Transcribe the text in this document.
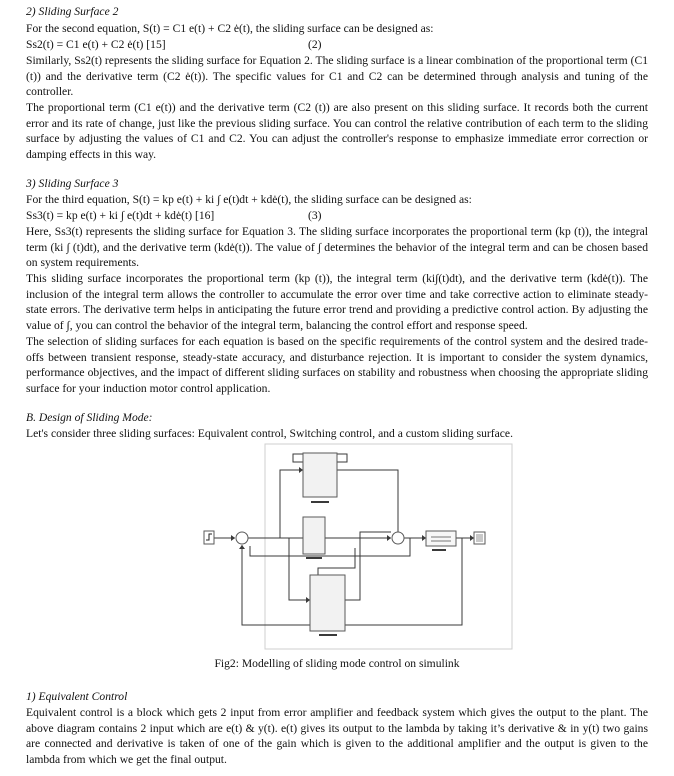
2) Sliding Surface 2
For the second equation, S(t) = C1 e(t) + C2 ė(t), the sliding surface can be designed as:
Ss2(t) = C1 e(t) + C2 ė(t) [15]	(2)

Similarly, Ss2(t) represents the sliding surface for Equation 2. The sliding surface is a linear combination of the proportional term (C1 (t)) and the derivative term (C2 ė(t)). The specific values for C1 and C2 can be determined through analysis and tuning of the controller.

The proportional term (C1 e(t)) and the derivative term (C2 (t)) are also present on this sliding surface. It records both the current error and its rate of change, just like the previous sliding surface. You can control the relative contribution of each term to the sliding surface by adjusting the values of C1 and C2. You can adjust the controller's response to emphasize immediate error correction or damping effects in this way.

3) Sliding Surface 3
For the third equation, S(t) = kp e(t) + ki ∫ e(t)dt + kdė(t), the sliding surface can be designed as:
Ss3(t) = kp e(t) + ki ∫ e(t)dt + kdė(t) [16]	(3)

Here, Ss3(t) represents the sliding surface for Equation 3. The sliding surface incorporates the proportional term (kp (t)), the integral term (ki ∫ (t)dt), and the derivative term (kdė(t)). The value of ∫ determines the behavior of the integral term and can be chosen based on system requirements.

This sliding surface incorporates the proportional term (kp (t)), the integral term (ki∫(t)dt), and the derivative term (kdė(t)). The inclusion of the integral term allows the controller to accumulate the error over time and take corrective action to eliminate steady-state errors. The derivative term helps in anticipating the future error trend and providing a predictive control action. By adjusting the value of ∫, you can control the behavior of the integral term, balancing the control effort and response speed.

The selection of sliding surfaces for each equation is based on the specific requirements of the control system and the desired trade-offs between transient response, steady-state accuracy, and disturbance rejection. It is important to consider the system dynamics, performance objectives, and the impact of different sliding surfaces on stability and robustness when choosing the appropriate sliding surface for your induction motor control application.

B. Design of Sliding Mode:
Let's consider three sliding surfaces: Equivalent control, Switching control, and a custom sliding surface.
Fig2: Modelling of sliding mode control on simulink
1) Equivalent Control

Equivalent control is a block which gets 2 input from error amplifier and feedback system which gives the output to the plant. The above diagram contains 2 input which are e(t) & y(t). e(t) gives its output to the lambda by taking it’s derivative & in y(t) two gains are connected and derivative is taken of one of the gain which is given to the additional amplifier and the output is given to the lambda from which we get the final output.
